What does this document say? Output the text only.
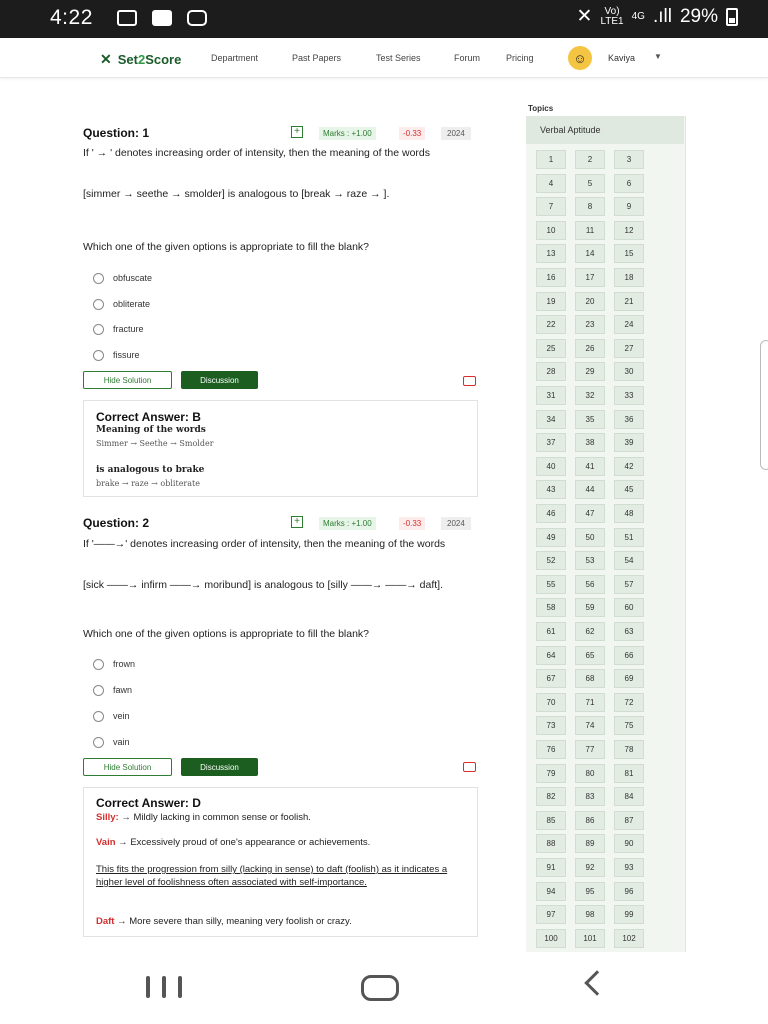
4:22	✕	Vo)
LTE1 4G .ıll 29%
✕ Set2Score	Department	Past Papers	Test Series	Forum	Pricing	☺	Kaviya ▼
Question: 1	+	Marks : +1.00	-0.33	2024
If ' → ' denotes increasing order of intensity, then the meaning of the words
[simmer → seethe → smolder] is analogous to [break → raze → ].
Which one of the given options is appropriate to fill the blank?
obfuscate
obliterate
fracture
fissure
Hide Solution	Discussion
Correct Answer: B
Meaning of the words
Simmer → Seethe → Smolder
is analogous to brake
brake → raze → obliterate
Question: 2	+	Marks : +1.00	-0.33	2024
If '——→' denotes increasing order of intensity, then the meaning of the words
[sick ——→ infirm ——→ moribund] is analogous to [silly ——→ ——→ daft].
Which one of the given options is appropriate to fill the blank?
frown
fawn
vein
vain
Hide Solution	Discussion
Correct Answer: D
Silly: → Mildly lacking in common sense or foolish.
Vain → Excessively proud of one's appearance or achievements.
This fits the progression from silly (lacking in sense) to daft (foolish) as it indicates a higher level of foolishness often associated with self-importance.
Daft → More severe than silly, meaning very foolish or crazy.
Topics
Verbal Aptitude
1	2	3
4	5	6
7	8	9
10	11	12
13	14	15
16	17	18
19	20	21
22	23	24
25	26	27
28	29	30
31	32	33
34	35	36
37	38	39
40	41	42
43	44	45
46	47	48
49	50	51
52	53	54
55	56	57
58	59	60
61	62	63
64	65	66
67	68	69
70	71	72
73	74	75
76	77	78
79	80	81
82	83	84
85	86	87
88	89	90
91	92	93
94	95	96
97	98	99
100	101	102
